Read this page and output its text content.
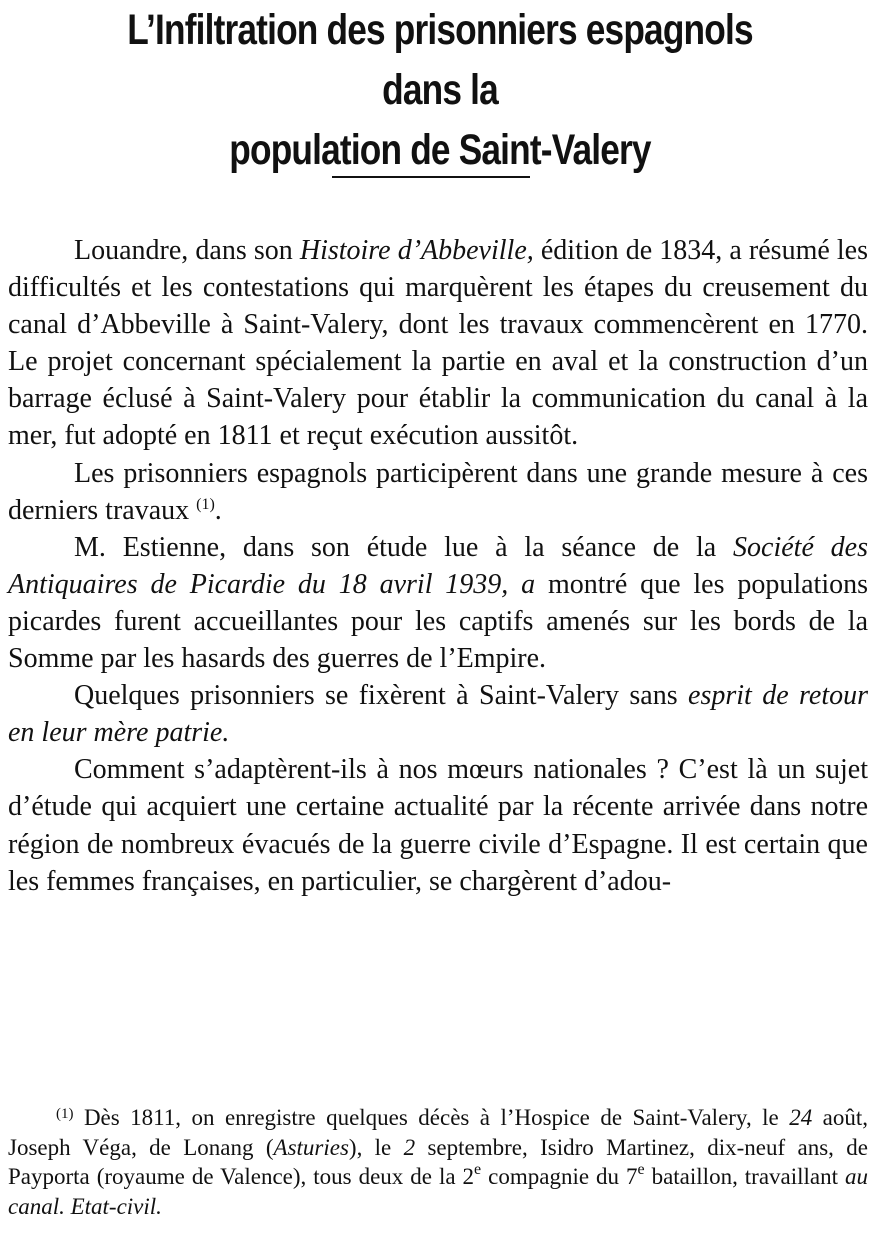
L’Infiltration des prisonniers espagnols dans la
population de Saint-Valery

Louandre, dans son Histoire d’Abbeville, édition de 1834, a résumé les difficultés et les contestations qui marquèrent les étapes du creusement du canal d’Abbeville à Saint-Valery, dont les travaux commencèrent en 1770. Le projet concernant spécialement la partie en aval et la construction d’un barrage éclusé à Saint-Valery pour établir la communication du canal à la mer, fut adopté en 1811 et reçut exécution aussitôt.

Les prisonniers espagnols participèrent dans une grande mesure à ces derniers travaux $^{(1)}$.

M. Estienne, dans son étude lue à la séance de la Société des Antiquaires de Picardie du 18 avril 1939, a montré que les populations picardes furent accueillantes pour les captifs amenés sur les bords de la Somme par les hasards des guerres de l’Empire.

Quelques prisonniers se fixèrent à Saint-Valery sans esprit de retour en leur mère patrie.

Comment s’adaptèrent-ils à nos mœurs nationales ? C’est là un sujet d’étude qui acquiert une certaine actualité par la récente arrivée dans notre région de nombreux évacués de la guerre civile d’Espagne. Il est certain que les femmes françaises, en particulier, se chargèrent d’adou-

$^{(1)}$ Dès 1811, on enregistre quelques décès à l’Hospice de Saint-Valery, le 24 août, Joseph Véga, de Lonang (Asturies), le 2 septembre, Isidro Martinez, dix-neuf ans, de Payporta (royaume de Valence), tous deux de la 2e compagnie du 7e bataillon, travaillant au canal. Etat-civil.
